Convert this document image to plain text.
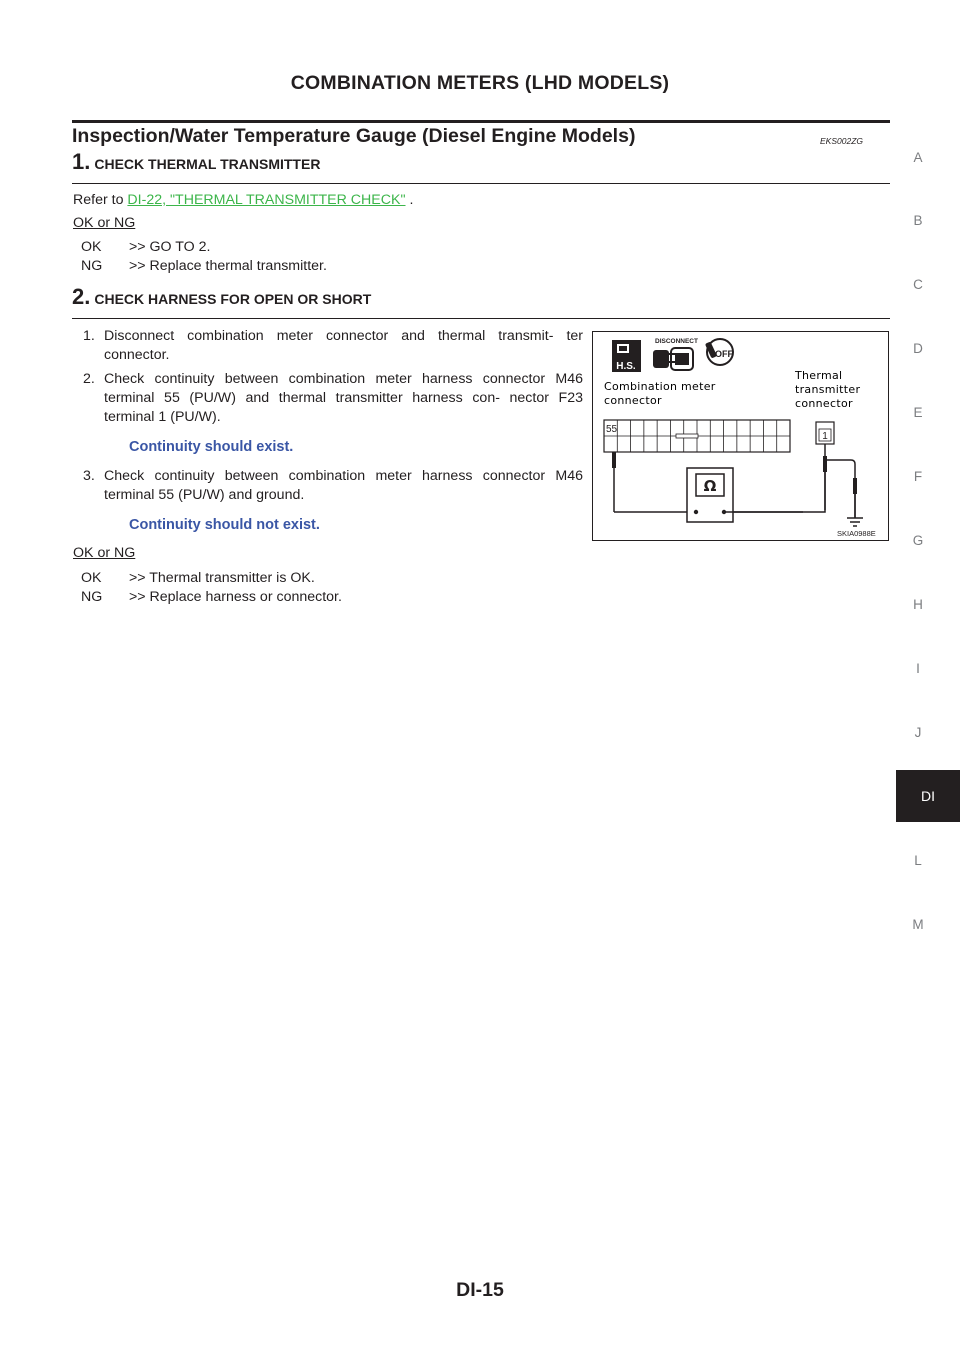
COMBINATION METERS (LHD MODELS)
Inspection/Water Temperature Gauge (Diesel Engine Models)	EKS002ZG
1. CHECK THERMAL TRANSMITTER
Refer to DI-22, "THERMAL TRANSMITTER CHECK" .
OK or NG
OK >> GO TO 2.
NG >> Replace thermal transmitter.
2. CHECK HARNESS FOR OPEN OR SHORT
1. Disconnect combination meter connector and thermal transmit- ter connector.
2. Check continuity between combination meter harness connector M46 terminal 55 (PU/W) and thermal transmitter harness con- nector F23 terminal 1 (PU/W).
Continuity should exist.
3. Check continuity between combination meter harness connector M46 terminal 55 (PU/W) and ground.
Continuity should not exist.
OK or NG
OK >> Thermal transmitter is OK.
NG >> Replace harness or connector.
H.S.
DISCONNECT
OFF
Combination meter
connector
Thermal
transmitter
connector
55
1
Ω
SKIA0988E
A
B
C
D
E
F
G
H
I
J
DI
L
M
DI-15
